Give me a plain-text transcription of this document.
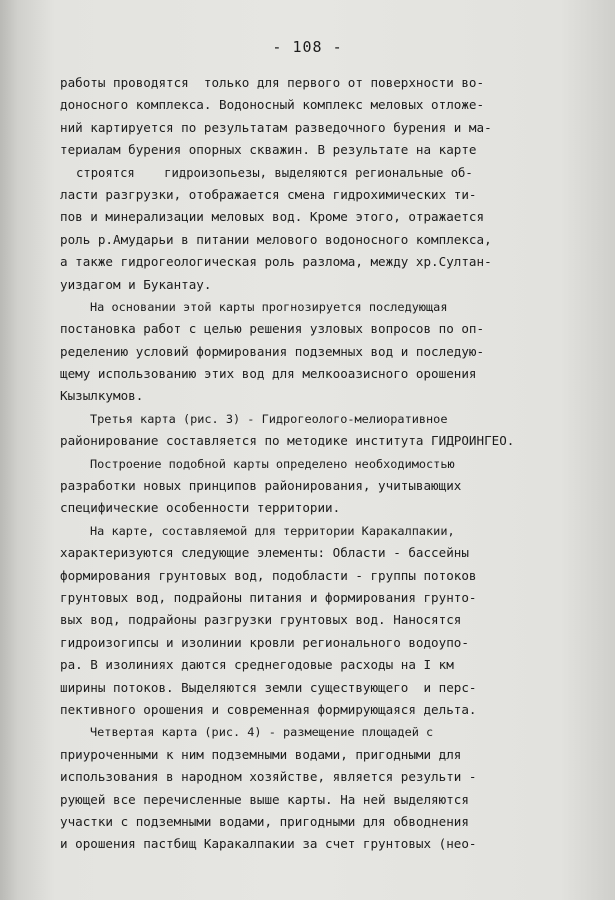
- 108 -
работы проводятся  только для первого от поверхности во-
доносного комплекса. Водоносный комплекс меловых отложе-
ний картируется по результатам разведочного бурения и ма-
териалам бурения опорных скважин. В результате на карте
строятся    гидроизопьезы, выделяются региональные об-
ласти разгрузки, отображается смена гидрохимических ти-
пов и минерализации меловых вод. Кроме этого, отражается
роль р.Амударьи в питании мелового водоносного комплекса,
а также гидрогеологическая роль разлома, между хр.Султан-
уиздагом и Букантау.
На основании этой карты прогнозируется последующая
постановка работ с целью решения узловых вопросов по оп-
ределению условий формирования подземных вод и последую-
щему использованию этих вод для мелкооазисного орошения
Кызылкумов.
Третья карта (рис. 3) - Гидрогеолого-мелиоративное
районирование составляется по методике института ГИДРОИНГЕО.
Построение подобной карты определено необходимостью
разработки новых принципов районирования, учитывающих
специфические особенности территории.
На карте, составляемой для территории Каракалпакии,
характеризуются следующие элементы: Области - бассейны
формирования грунтовых вод, подобласти - группы потоков
грунтовых вод, подрайоны питания и формирования грунто-
вых вод, подрайоны разгрузки грунтовых вод. Наносятся
гидроизогипсы и изолинии кровли регионального водоупо-
ра. В изолиниях даются среднегодовые расходы на I км
ширины потоков. Выделяются земли существующего  и перс-
пективного орошения и современная формирующаяся дельта.
Четвертая карта (рис. 4) - размещение площадей с
приуроченными к ним подземными водами, пригодными для
использования в народном хозяйстве, является результи -
рующей все перечисленные выше карты. На ней выделяются
участки с подземными водами, пригодными для обводнения
и орошения пастбищ Каракалпакии за счет грунтовых (нео-
